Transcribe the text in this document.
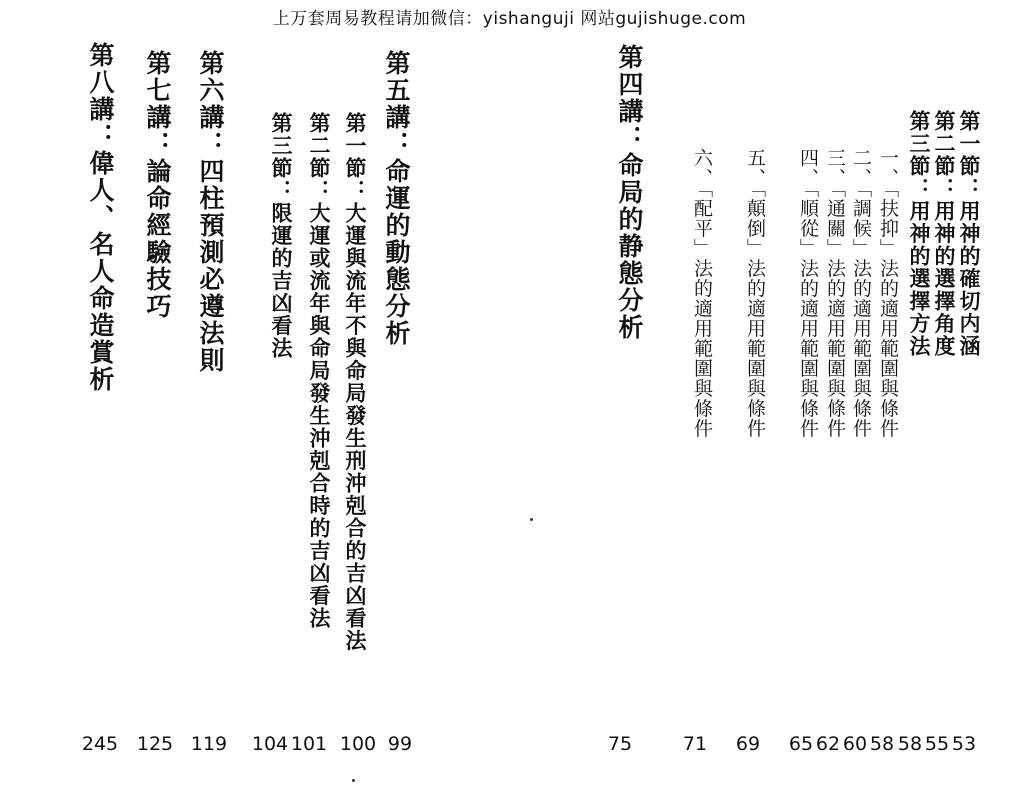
上万套周易教程请加微信：yishanguji 网站gujishuge.com
第四講：命局的静態分析	第一節：用神的確切内涵
第二節：用神的選擇角度
第三節：用神的選擇方法
一、「扶抑」法的適用範圍與條件
二、「調候」法的適用範圍與條件
三、「通關」法的適用範圍與條件
四、「順從」法的適用範圍與條件
五、「顛倒」法的適用範圍與條件
六、「配平」法的適用範圍與條件
第五講：命運的動態分析
第一節：大運與流年不與命局發生刑沖剋合的吉凶看法
第二節：大運或流年與命局發生沖剋合時的吉凶看法
第三節：限運的吉凶看法
第六講：四柱預測必遵法則
第七講：論命經驗技巧
第八講：偉人、名人命造賞析
75	53
55
58
58
60
62
65
69
71
99
100
101
104
119
125
245
